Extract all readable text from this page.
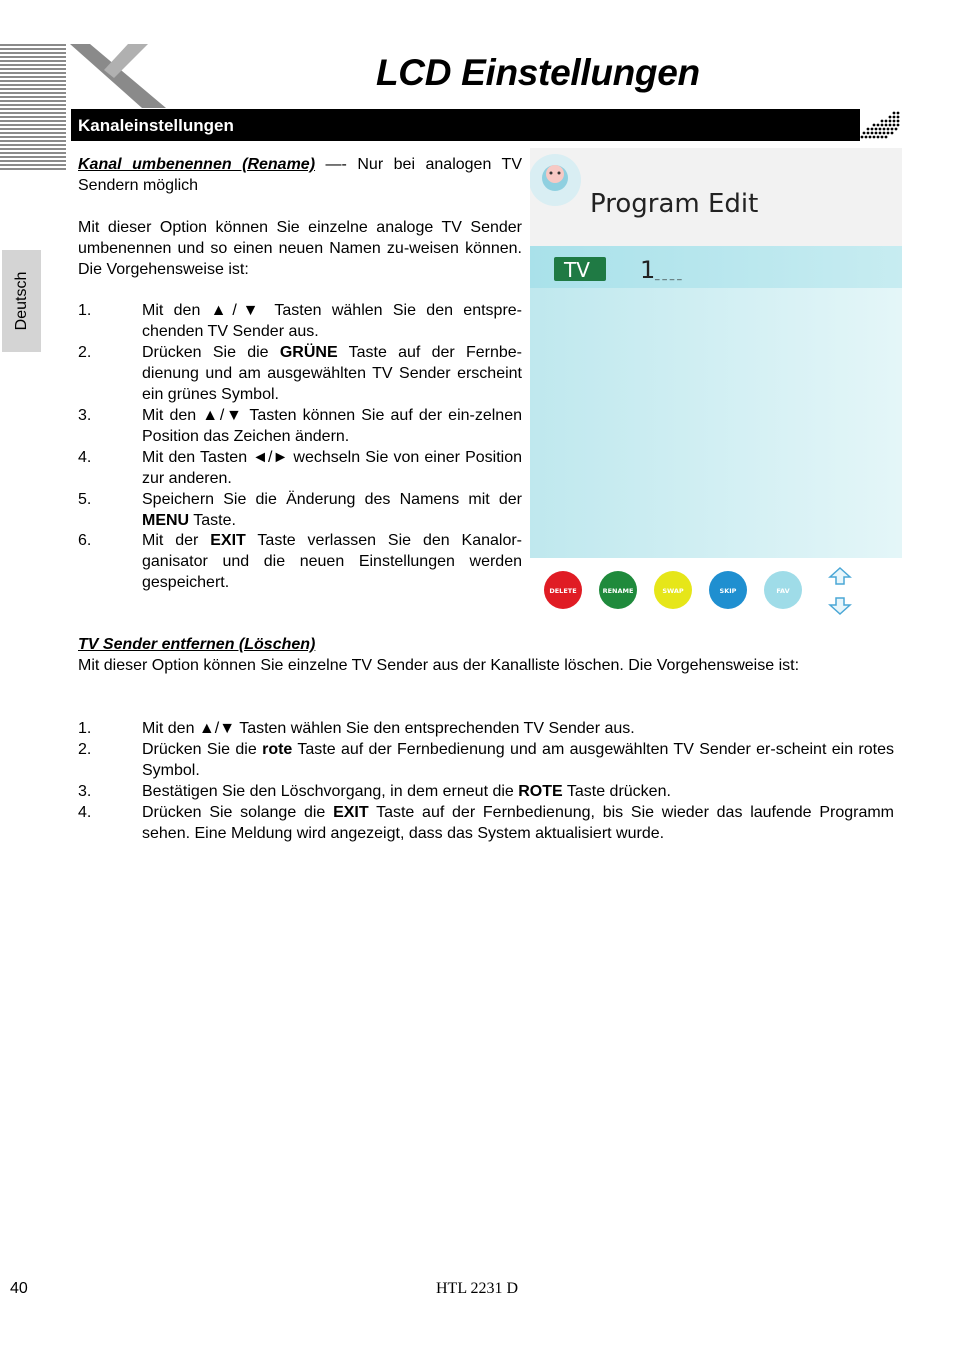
LCD Einstellungen
Kanaleinstellungen
Deutsch
Kanal umbenennen (Rename) —- Nur bei analogen TV Sendern möglich
Mit dieser Option können Sie einzelne analoge TV Sender umbenennen und so einen neuen Namen zu-weisen können. Die Vorgehensweise ist:
1.	Mit den ▲/▼ Tasten wählen Sie den entspre-chenden TV Sender aus.
2.	Drücken Sie die GRÜNE Taste auf der Fernbe-dienung und am ausgewählten TV Sender erscheint ein grünes Symbol.
3.	Mit den ▲/▼ Tasten können Sie auf der ein-zelnen Position das Zeichen ändern.
4.	Mit den Tasten ◄/► wechseln Sie von einer Position zur anderen.
5.	Speichern Sie die Änderung des Namens mit der MENU Taste.
6.	Mit der EXIT Taste verlassen Sie den Kanalor-ganisator und die neuen Einstellungen werden gespeichert.
TV Sender entfernen (Löschen)
Mit dieser Option können Sie einzelne TV Sender aus der Kanalliste löschen. Die Vorgehensweise ist:
1.	Mit den ▲/▼ Tasten wählen Sie den entsprechenden TV Sender aus.
2.	Drücken Sie die rote Taste auf der Fernbedienung und am ausgewählten TV Sender er-scheint ein rotes Symbol.
3.	Bestätigen Sie den Löschvorgang, in dem erneut die ROTE Taste drücken.
4.	Drücken Sie solange die EXIT Taste auf der Fernbedienung, bis Sie wieder das laufende Programm sehen. Eine Meldung wird angezeigt, dass das System aktualisiert wurde.
Program Edit
TV 1 _ _ _ _
DELETE	RENAME	SWAP	SKIP	FAV
40	HTL 2231 D
